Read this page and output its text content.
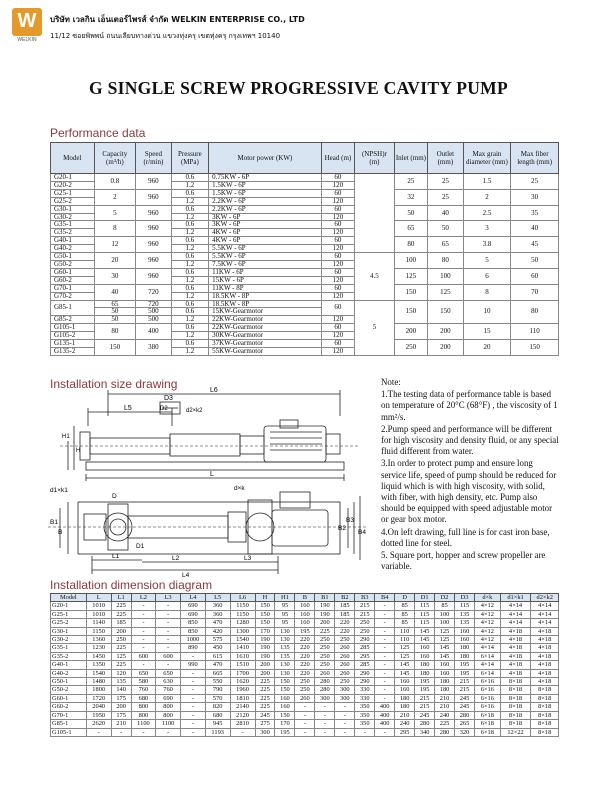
W
WELKIN
บริษัท เวลกิน เอ็นเตอร์ไพรส์ จำกัด WELKIN ENTERPRISE CO., LTD
11/12 ซอยพิพพน์ ถนนเลียบทางด่วน แขวงทุ่งครุ เขตทุ่งครุ กรุงเทพฯ 10140
G SINGLE SCREW PROGRESSIVE CAVITY PUMP
Performance data
Model	Capacity (m³/h)	Speed (r/min)	Pressure (MPa)	Motor power (KW)	Head (m)	(NPSH)r (m)	Inlet (mm)	Outlet (mm)	Max grain diameter (mm)	Max fiber length (mm)
G20-1	0.8	960	0.6	0.75KW - 6P	60		25	25	1.5	25
G20-2			1.2	1.5KW - 6P	120					
G25-1	2	960	0.6	1.5KW - 6P	60		32	25	2	30
G25-2			1.2	2.2KW - 6P	120					
G30-1	5	960	0.6	2.2KW - 6P	60		50	40	2.5	35
G30-2			1.2	3KW - 6P	120					
G35-1	8	960	0.6	3KW - 6P	60		65	50	3	40
G35-2			1.2	4KW - 6P	120					
G40-1	12	960	0.6	4KW - 6P	60		80	65	3.8	45
G40-2			1.2	5.5KW - 6P	120					
G50-1	20	960	0.6	5.5KW - 6P	60	4.5	100	80	5	50
G50-2			1.2	7.5KW - 6P	120					
G60-1	30	960	0.6	11KW - 6P	60		125	100	6	60
G60-2			1.2	15KW - 6P	120					
G70-1	40	720	0.6	11KW - 8P	60		150	125	8	70
G70-2			1.2	18.5KW - 8P	120					
G85-1	65	720	0.6	18.5KW - 8P	60	5	150	150	10	80
	50	500	0.6	15KW-Gearmotor						
G85-2	50	500	1.2	22KW-Gearmotor	120					
G105-1	80	400	0.6	22KW-Gearmotor	60		200	200	15	110
G105-2			1.2	30KW-Gearmotor	120					
G135-1	150	380	0.6	37KW-Gearmotor	60		250	200	20	150
G135-2			1.2	55KW-Gearmotor	120					
Installation size drawing	L6
L5
D3
D2	d2×k2
H1
H
L
d1×k1	d×k
B1
B
D
D1
B2
B3
B4
L1	L2	L3
L4

Note:

1.The testing data of performance table is based on temperature of 20°C (68°F) , the viscosity of 1 mm²/s.

2.Pump speed and performance will be different for high viscosity and density fluid, or any special fluid different from water.

3.In order to protect pump and ensure long service life, speed of pump should be reduced for liquid which is with high viscosity, with solid, with fiber, with high density, etc. Pump also should be equipped with speed adjustable motor or gear box motor.

4.On left drawing, full line is for cast iron base, dotted line for steel.

5. Square port, hopper and screw propeller are variable.

Installation dimension diagram
Model	L	L1	L2	L3	L4	L5	L6	H	H1	B	B1	B2	B3	B4	D	D1	D2	D3	d×k	d1×k1	d2×k2
G20-1	1010	225	-	-	690	360	1150	150	95	160	190	185	215	-	85	115	85	115	4×12	4×14	4×14
G25-1	1010	225	-	-	690	360	1150	150	95	160	190	185	215	-	85	115	100	135	4×12	4×14	4×14
G25-2	1140	185	-	-	850	470	1280	150	95	160	200	220	250	-	85	115	100	135	4×12	4×14	4×14
G30-1	1150	200	-	-	850	420	1300	170	130	195	225	220	250	-	110	145	125	160	4×12	4×18	4×18
G30-2	1360	250	-	-	1000	575	1540	190	130	220	250	250	290	-	110	145	125	160	4×12	4×18	4×18
G35-1	1230	225	-	-	890	450	1410	190	135	220	250	260	285	-	125	160	145	180	4×14	4×18	4×18
G35-2	1450	125	600	600	-	615	1610	190	135	220	250	260	295	-	125	160	145	180	6×14	4×18	4×18
G40-1	1350	225	-	-	990	470	1510	200	130	220	250	260	285	-	145	180	160	195	4×14	4×18	4×18
G40-2	1540	120	650	650	-	665	1700	200	130	220	260	260	290	-	145	180	160	195	6×14	4×18	4×18
G50-1	1480	135	580	630	-	550	1620	225	150	250	280	250	290	-	160	195	180	215	6×16	8×18	4×18
G50-2	1800	140	760	760	-	790	1960	225	150	250	280	300	330	-	160	195	180	215	6×16	8×18	8×18
G60-1	1720	175	680	690	-	570	1810	225	160	260	300	300	330	-	180	215	210	245	6×16	8×18	8×18
G60-2	2040	200	800	800	-	820	2140	225	160	-	-	-	350	400	180	215	210	245	6×16	8×18	8×18
G70-1	1950	175	800	800	-	680	2120	245	150	-	-	-	350	400	210	245	240	280	6×18	8×18	8×18
G85-1	2620	210	1100	1100	-	945	2810	275	170	-	-	-	350	400	240	280	225	265	6×18	8×18	8×18
G105-1	-	-	-	-	-	1193	-	300	195	-	-	-	-	-	295	340	280	320	6×18	12×22	8×18
